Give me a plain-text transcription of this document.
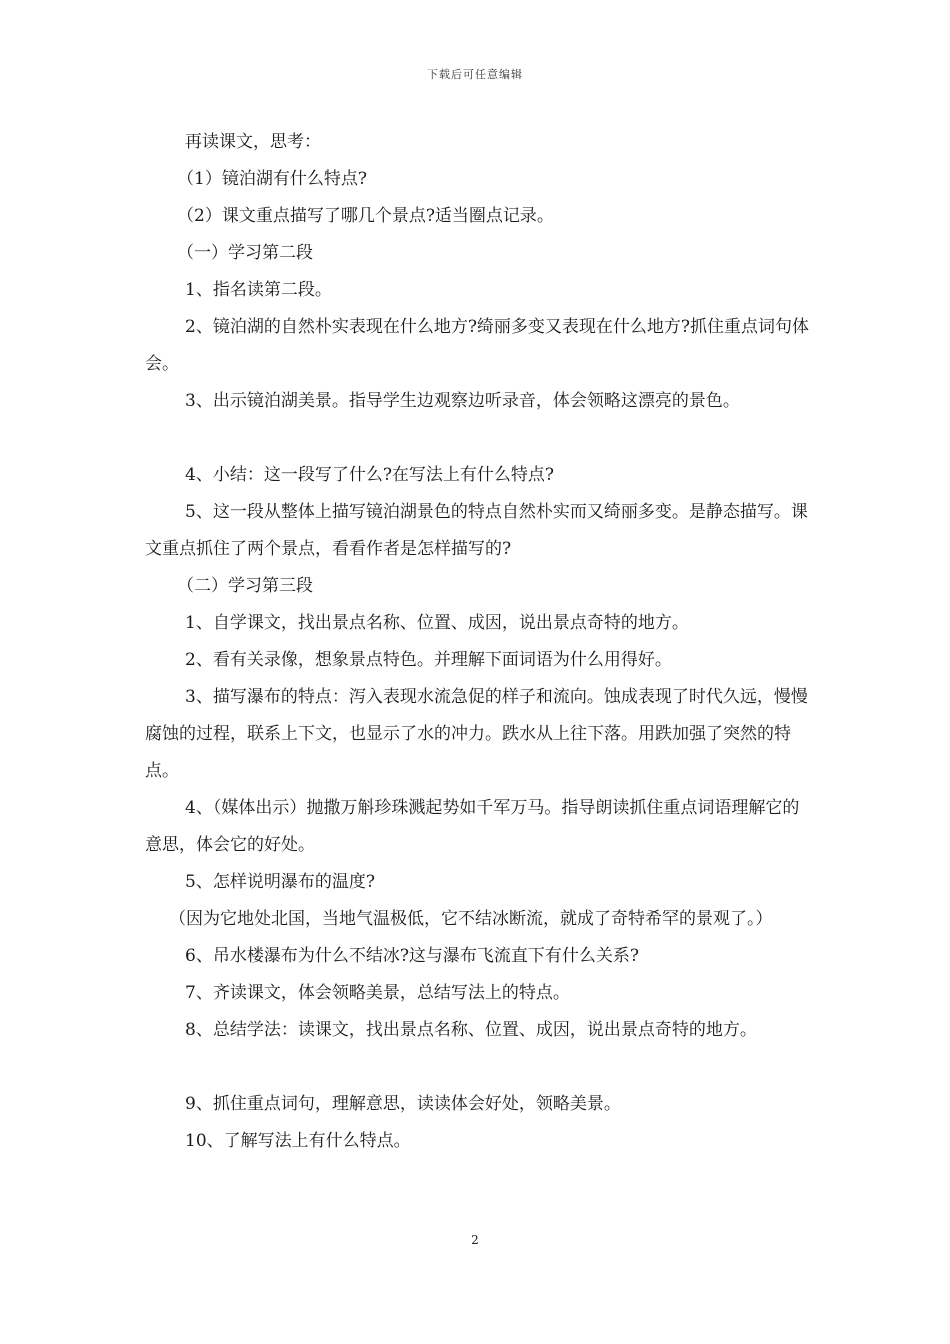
下载后可任意编辑

再读课文，思考：

（1）镜泊湖有什么特点?

（2）课文重点描写了哪几个景点?适当圈点记录。

（一）学习第二段

1、指名读第二段。

2、镜泊湖的自然朴实表现在什么地方?绮丽多变又表现在什么地方?抓住重点词句体会。

3、出示镜泊湖美景。指导学生边观察边听录音，体会领略这漂亮的景色。

4、小结：这一段写了什么?在写法上有什么特点?

5、这一段从整体上描写镜泊湖景色的特点自然朴实而又绮丽多变。是静态描写。课文重点抓住了两个景点，看看作者是怎样描写的?

（二）学习第三段

1、自学课文，找出景点名称、位置、成因，说出景点奇特的地方。

2、看有关录像，想象景点特色。并理解下面词语为什么用得好。

3、描写瀑布的特点：泻入表现水流急促的样子和流向。蚀成表现了时代久远，慢慢腐蚀的过程，联系上下文，也显示了水的冲力。跌水从上往下落。用跌加强了突然的特点。

4、（媒体出示）抛撒万斛珍珠溅起势如千军万马。指导朗读抓住重点词语理解它的意思，体会它的好处。

5、怎样说明瀑布的温度?

（因为它地处北国，当地气温极低，它不结冰断流，就成了奇特希罕的景观了。）

6、吊水楼瀑布为什么不结冰?这与瀑布飞流直下有什么关系?

7、齐读课文，体会领略美景，总结写法上的特点。

8、总结学法：读课文，找出景点名称、位置、成因，说出景点奇特的地方。

9、抓住重点词句，理解意思，读读体会好处，领略美景。

10、了解写法上有什么特点。

2
